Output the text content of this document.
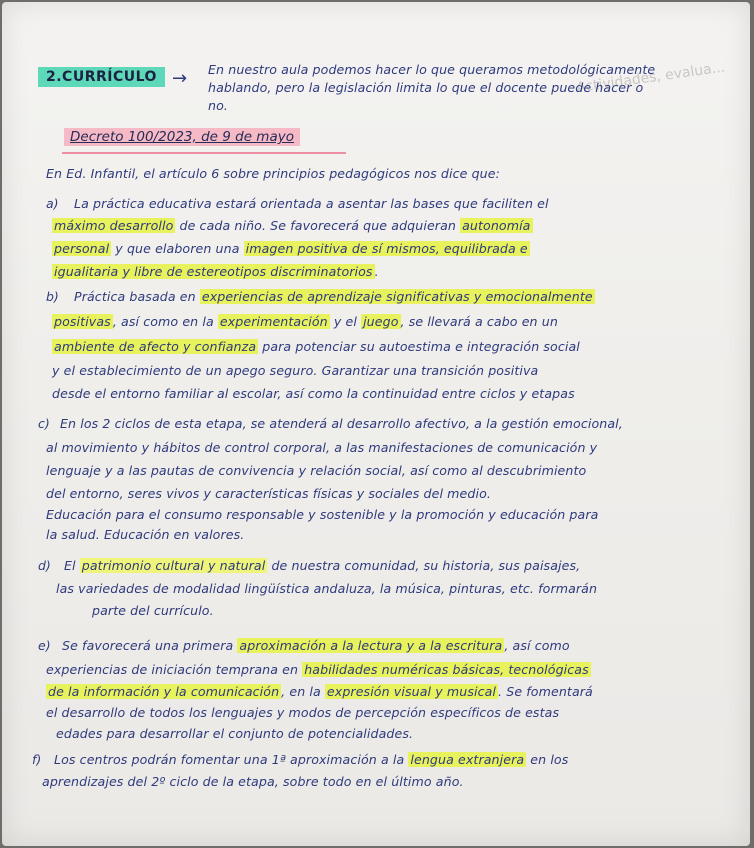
Actividades, evalua...
2.CURRÍCULO → En nuestro aula podemos hacer lo que queramos metodológicamente
hablando, pero la legislación limita lo que el docente puede hacer o
no.
Decreto 100/2023, de 9 de mayo
En Ed. Infantil, el artículo 6 sobre principios pedagógicos nos dice que:
a) La práctica educativa estará orientada a asentar las bases que faciliten el
máximo desarrollo de cada niño. Se favorecerá que adquieran autonomía
personal y que elaboren una imagen positiva de sí mismos, equilibrada e
igualitaria y libre de estereotipos discriminatorios .
b) Práctica basada en experiencias de aprendizaje significativas y emocionalmente
positivas , así como en la experimentación y el juego , se llevará a cabo en un
ambiente de afecto y confianza para potenciar su autoestima e integración social
y el establecimiento de un apego seguro. Garantizar una transición positiva
desde el entorno familiar al escolar, así como la continuidad entre ciclos y etapas
c) En los 2 ciclos de esta etapa, se atenderá al desarrollo afectivo, a la gestión emocional,
al movimiento y hábitos de control corporal, a las manifestaciones de comunicación y
lenguaje y a las pautas de convivencia y relación social, así como al descubrimiento
del entorno, seres vivos y características físicas y sociales del medio.
Educación para el consumo responsable y sostenible y la promoción y educación para
la salud. Educación en valores.
d) El patrimonio cultural y natural de nuestra comunidad, su historia, sus paisajes,
las variedades de modalidad lingüística andaluza, la música, pinturas, etc. formarán
parte del currículo.
e) Se favorecerá una primera aproximación a la lectura y a la escritura , así como
experiencias de iniciación temprana en habilidades numéricas básicas, tecnológicas
de la información y la comunicación , en la expresión visual y musical . Se fomentará
el desarrollo de todos los lenguajes y modos de percepción específicos de estas
edades para desarrollar el conjunto de potencialidades.
f) Los centros podrán fomentar una 1ª aproximación a la lengua extranjera en los
aprendizajes del 2º ciclo de la etapa, sobre todo en el último año.
